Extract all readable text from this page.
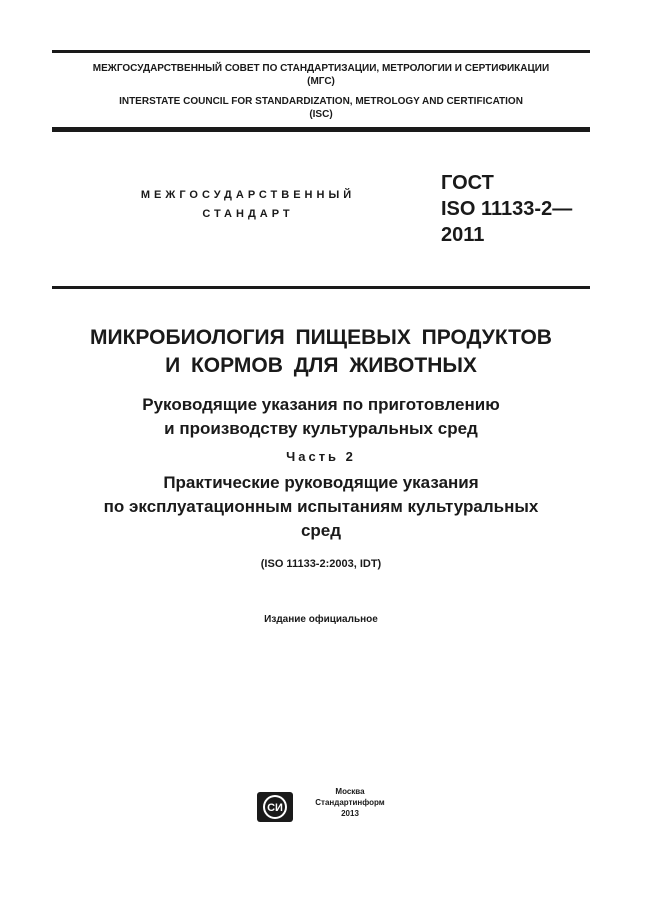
МЕЖГОСУДАРСТВЕННЫЙ СОВЕТ ПО СТАНДАРТИЗАЦИИ, МЕТРОЛОГИИ И СЕРТИФИКАЦИИ
(МГС)
INTERSTATE COUNCIL FOR STANDARDIZATION, METROLOGY AND CERTIFICATION
(ISC)
МЕЖГОСУДАРСТВЕННЫЙ
СТАНДАРТ
ГОСТ
ISO 11133-2—
2011
МИКРОБИОЛОГИЯ ПИЩЕВЫХ ПРОДУКТОВ
И КОРМОВ ДЛЯ ЖИВОТНЫХ
Руководящие указания по приготовлению
и производству культуральных сред
Часть 2
Практические руководящие указания
по эксплуатационным испытаниям культуральных
сред
(ISO 11133-2:2003, IDT)
Издание официальное
СИ
Москва
Стандартинформ
2013
